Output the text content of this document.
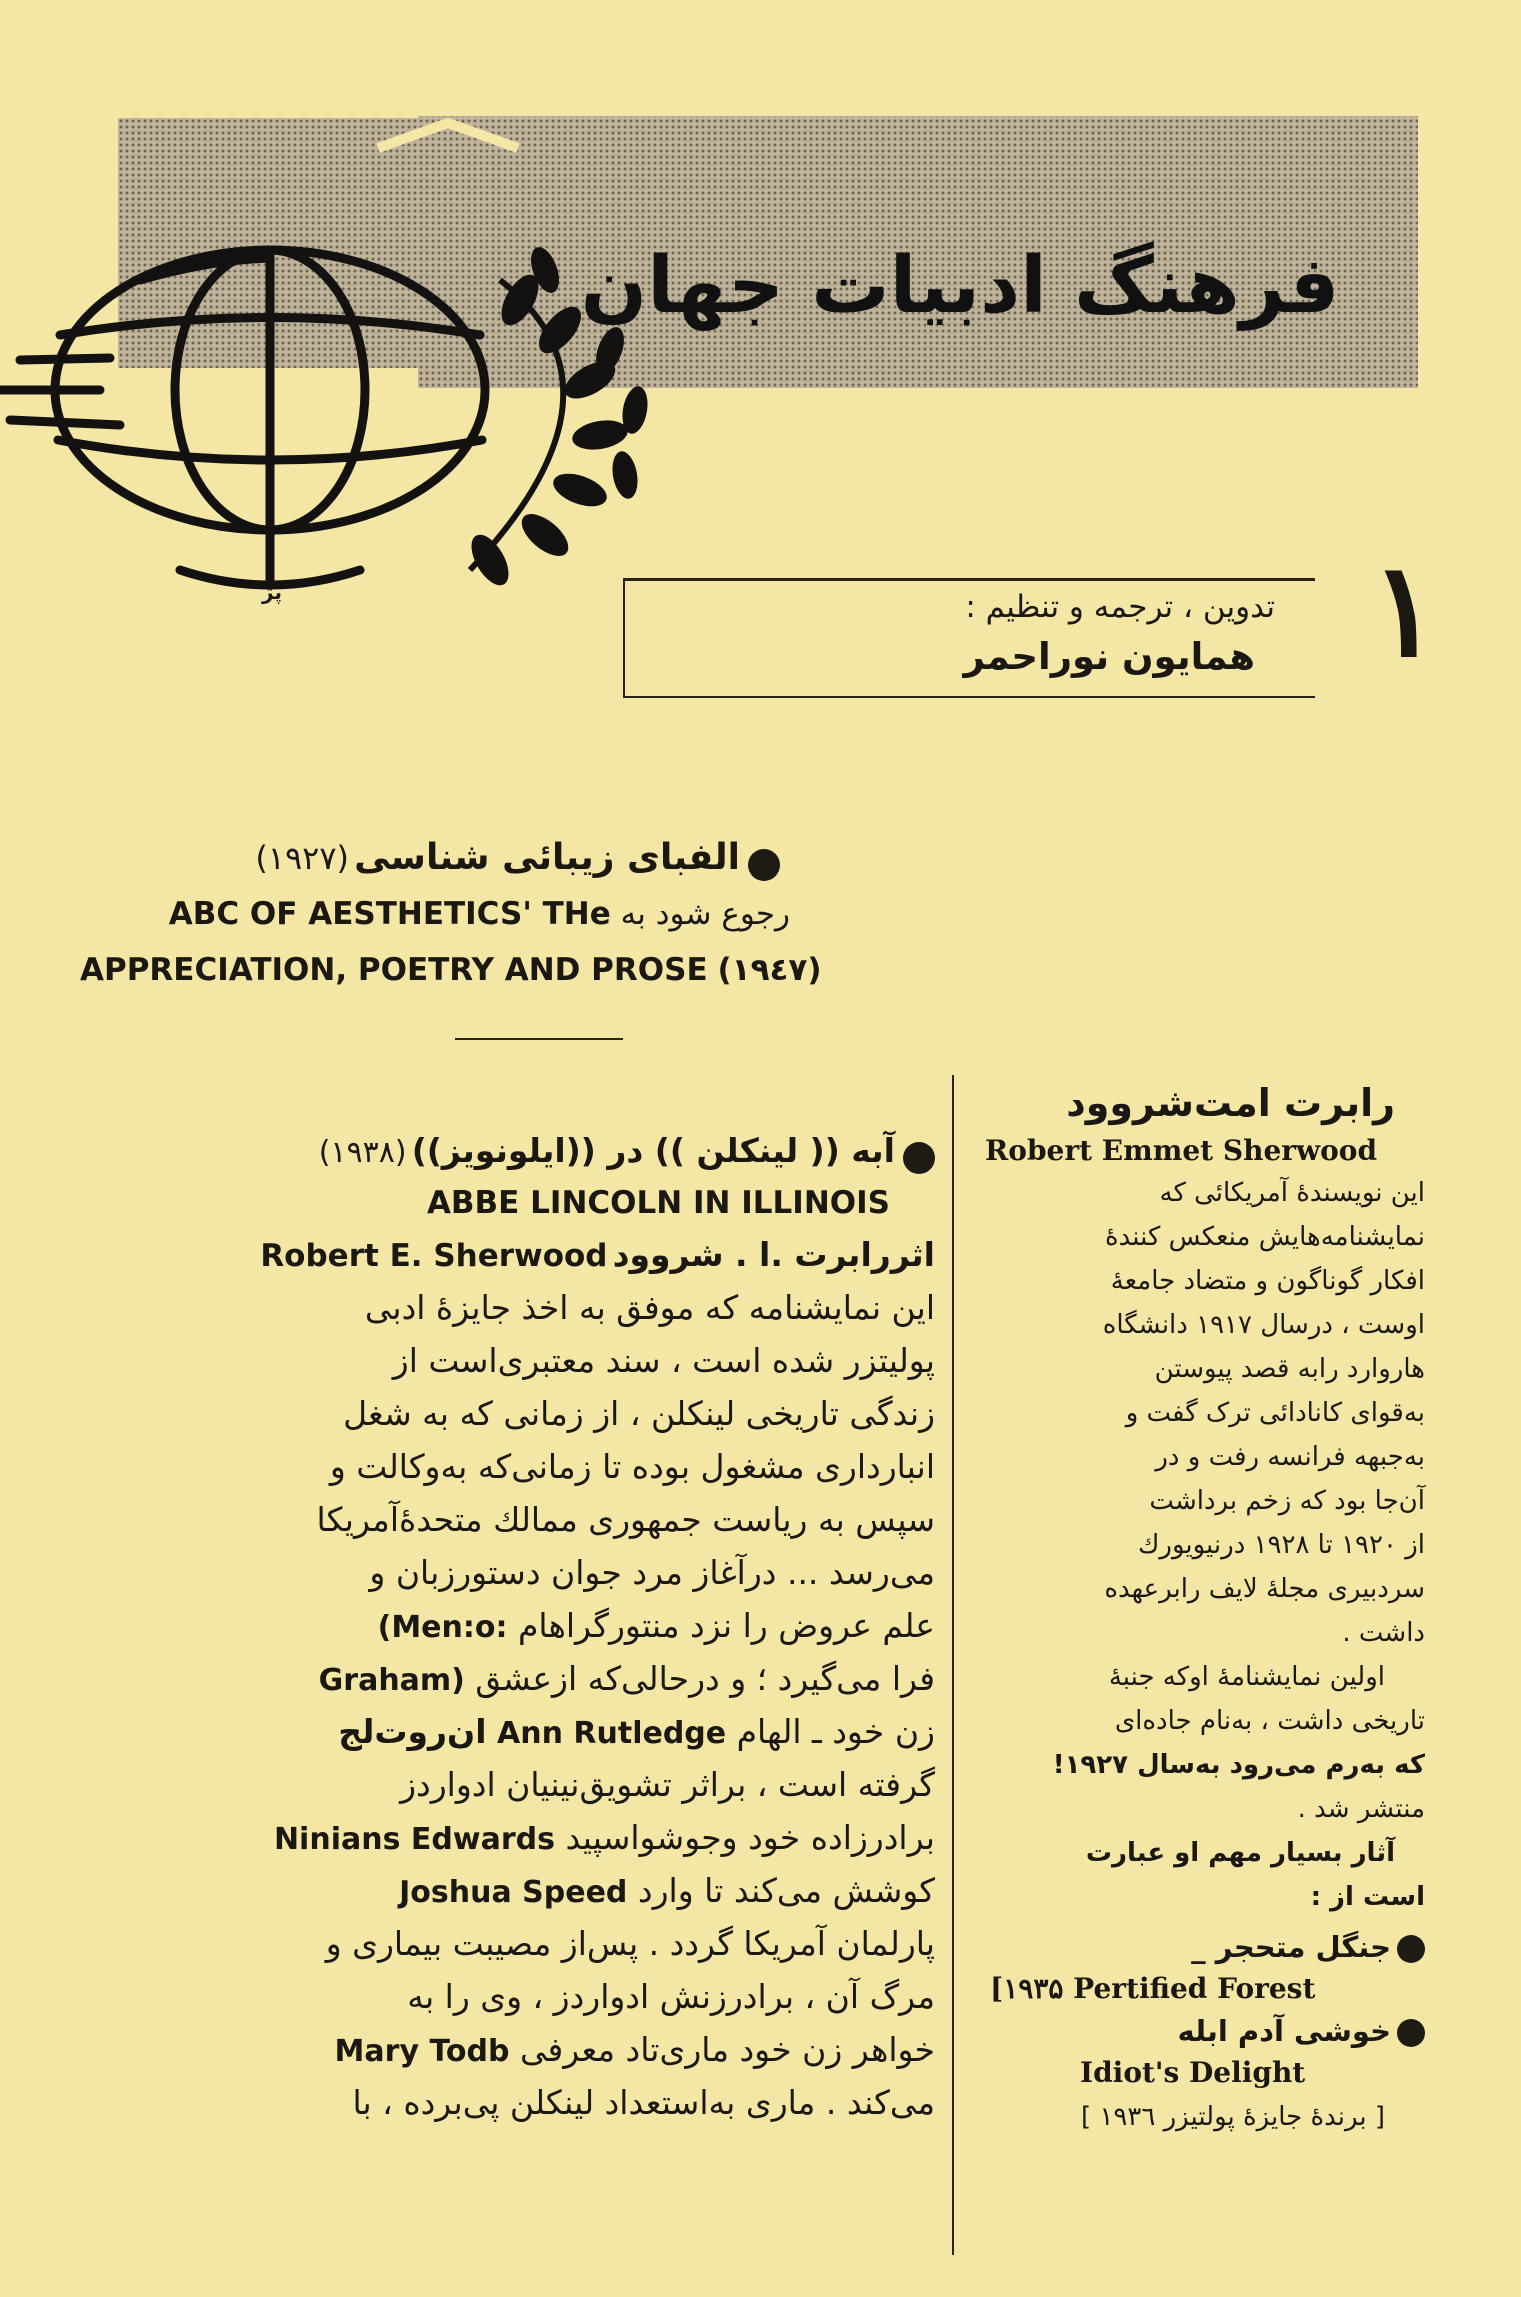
فرهنگ ادبیات جهان
ﭘﮋ	۱
تدوین ، ترجمه و تنظیم :
همایون نوراحمر
الفبای زیبائی شناسی (۱۹۲۷)
رجوع شود به ABC OF AESTHETICS' THe
APPRECIATION, POETRY AND PROSE (۱۹٤۷)
آبه (( لینکلن )) در ((ایلونویز)) (۱۹۳۸)
ABBE LINCOLN IN ILLINOIS
اثررابرت .ا . شروود Robert E. Sherwood
این نمایشنامه که موفق به اخذ جایزهٔ ادبی
پولیتزر شده است ، سند معتبری‌است از
زندگی تاریخی لینکلن ، از زمانی که به شغل
انبارداری مشغول بوده تا زمانی‌که به‌وکالت و
سپس به ریاست جمهوری ممالك متحدهٔ‌آمریکا
می‌رسد ... درآغاز مرد جوان دستورزبان و
علم عروض را نزد منتورگراهام (Men:o:
فرا می‌گیرد ؛ و درحالی‌که ازعشق Graham)
زن خود ـ الهام Ann Rutledge ان‌روت‌لج
گرفته است ، براثر تشویق‌نینیان ادواردز
برادرزاده خود وجوشواسپید Ninians Edwards
کوشش می‌کند تا وارد Joshua Speed
پارلمان آمریکا گردد . پس‌از مصیبت بیماری و
مرگ آن ، برادرزنش ادواردز ، وی را به
خواهر زن خود ماری‌تاد معرفی Mary Todb
می‌کند . ماری به‌استعداد لینکلن پی‌برده ، با
رابرت امت‌شروود
Robert Emmet Sherwood
این نویسندهٔ آمریکائی که
نمایشنامه‌هایش منعکس کنندهٔ
افکار گوناگون و متضاد جامعهٔ
اوست ، درسال ۱۹۱۷ دانشگاه
هاروارد رابه قصد پیوستن
به‌قوای کانادائی ترک گفت و
به‌جبهه فرانسه رفت و در
آن‌جا بود که زخم برداشت
از ۱۹۲۰ تا ۱۹۲۸ درنیویورك
سردبیری مجلهٔ لایف رابرعهده
داشت .
اولین نمایشنامهٔ اوکه جنبهٔ
تاریخی داشت ، به‌نام جاده‌ای
که به‌رم می‌رود به‌سال ۱۹۲۷!
منتشر شد .
آثار بسیار مهم او عبارت
است از :
جنگل متحجر _
[۱۹۳۵ Pertified Forest
خوشی آدم ابله
Idiot's Delight
[ برندهٔ جایزهٔ پولتیزر ۱۹۳٦ ]
